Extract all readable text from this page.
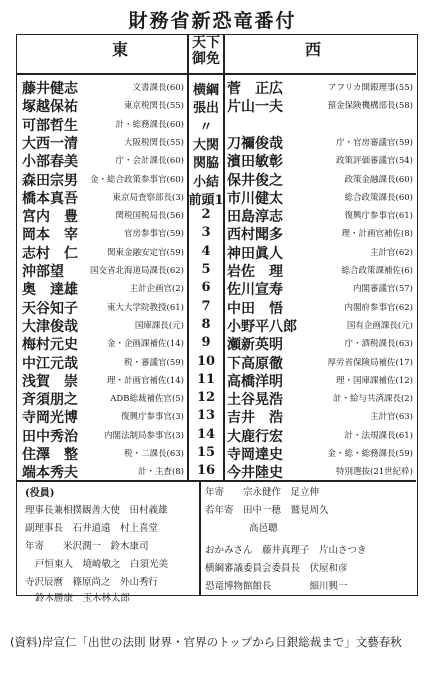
財務省新恐竜番付
東	天下
御免	西
藤井健志	文書課長(60) 横綱 菅　正広	アフリカ開銀理事(55)
塚越保祐	東京税関長(55) 張出 片山一夫	預金保険機構部長(58)
可部哲生	計・総務課長(60)	〃
大西一清	大阪税関長(55) 大関 刀禰俊哉	庁・官房審議官(59)
小部春美	庁・会計課長(60) 関脇 濱田敏彰	政策評価審議官(54)
森田宗男 金・総合政策参事官(60) 小結 保井俊之	政策金融課長(60)
橋本真吾	東京局査察部長(3) 前頭1 市川健太	総合政策課長(60)
宮内　豊	関税国税局長(56)	2	田島淳志	復興庁参事官(61)
岡本　宰	官房参事官(59)	3	西村聞多	理・計画官補佐(8)
志村　仁	関東金融安定官(59)	4	神田眞人	主計官(62)
沖部望	国交省北海道局課長(62)	5	岩佐　理	総合政策課補佐(6)
奥　達雄	主計企画官(2)	6	佐川宣寿	内閣審議官(57)
天谷知子	東大大学院教授(61)	7	中田　悟	内閣府参事官(62)
大津俊哉	国庫課長(元)	8	小野平八郎	国有企画課長(元)
梅村元史	金・企画課補佐(14)	9	瀬新英明	庁・酒税課長(63)
中江元哉	税・審議官(59) 10 下高原徹	厚労省保険局補佐(17)
浅賀　崇	理・計画官補佐(14) 11 高橋洋明	理・国庫課補佐(12)
斉須朋之	ADB総裁補佐官(5) 12 土谷晃浩	計・給与共済課長(2)
寺岡光博	復興庁参事官(3) 13 吉井　浩	主計官(63)
田中秀治	内閣法制局参事官(3) 14 大鹿行宏	計・法規課長(61)
住澤　整	税・二課長(63) 15 寺岡達史	金・総・総務課長(59)
端本秀夫	計・主査(8) 16 今井陸史	特別選抜(21世紀枠)
(役員)
理事長兼相撲観善大使　田村義雄
副理事長　石井道遠　村上喜堂
年寄　　米沢潤一　鈴木康司
戸恒東人　境崎敬之　白須光美
寺沢辰麿　篠原尚之　外山秀行
鈴木勝康　玉木林太郎
年寄　　宗永健作　足立伸
若年寄　田中一穂　鷲見周久
高邑聰
おかみさん　藤井真理子　片山さつき
横綱審議委員会委員長　伏屋和彦
恐竜博物館館長　　　　細川興一
(資料)岸宣仁「出世の法則 財界・官界のトップから日銀総裁まで」文藝春秋
